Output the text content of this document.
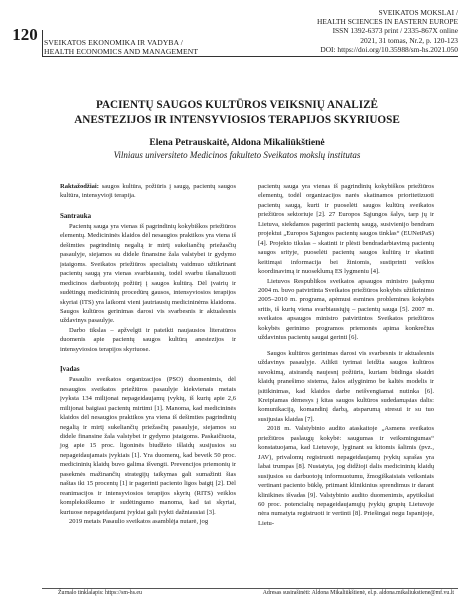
120 SVEIKATOS EKONOMIKA IR VADYBA /
HEALTH ECONOMICS AND MANAGEMENT
SVEIKATOS MOKSLAI /
HEALTH SCIENCES IN EASTERN EUROPE
ISSN 1392-6373 print / 2335-867X online
2021, 31 tomas, Nr.2, p. 120-123
DOI: https://doi.org/10.35988/sm-hs.2021.050
PACIENTŲ SAUGOS KULTŪROS VEIKSNIŲ ANALIZĖ
ANESTEZIJOS IR INTENSYVIOSIOS TERAPIJOS SKYRIUOSE
Elena Petrauskaitė, Aldona Mikaliūkštienė
Vilniaus universiteto Medicinos fakulteto Sveikatos mokslų institutas

Raktažodžiai: saugos kultūra, požiūris į saugą, pacientų saugos kultūra, intensyvioji terapija.

Santrauka

Pacientų sauga yra vienas iš pagrindinių kokybiškos priežiūros elementų. Medicininės klaidos dėl nesaugios praktikos yra viena iš dešimties pagrindinių negalią ir mirtį sukeliančių priežasčių pasaulyje, siejamos su didele finansine žala valstybei ir gydymo įstaigoms. Sveikatos priežiūros specialistų vaidmuo užtikrinant pacientų saugą yra vienas svarbiausių, todėl svarbu išanalizuoti medicinos darbuotojų požiūrį į saugos kultūrą. Dėl įvairių ir sudėtingų medicininių procedūrų gausos, intensyviosios terapijos skyriai (ITS) yra laikomi vieni jautriausių medicininėms klaidoms. Saugos kultūros gerinimas darosi vis svarbesnis ir aktualesnis uždavinys pasaulyje.

Darbo tikslas – apžvelgti ir pateikti naujausios literatūros duomenis apie pacientų saugos kultūrą anestezijos ir intensyviosios terapijos skyriuose.

Įvadas

Pasaulio sveikatos organizacijos (PSO) duomenimis, dėl nesaugios sveikatos priežiūros pasaulyje kiekvienais metais įvyksta 134 milijonai nepageidaujamų įvykių, iš kurių apie 2,6 milijonai baigiasi pacientų mirtimi [1]. Manoma, kad medicininės klaidos dėl nesaugios praktikos yra viena iš dešimties pagrindinių negalią ir mirtį sukeliančių priežasčių pasaulyje, siejamos su didele finansine žala valstybei ir gydymo įstaigoms. Paskaičiuota, jog apie 15 proc. ligoninės biudžeto išlaidų susijusios su nepageidaujamais įvykiais [1]. Yra duomenų, kad beveik 50 proc. medicininių klaidų buvo galima išvengti. Prevencijos priemonių ir pasekmės mažinančių strategijų taikymas gali sumažinti šias naštas iki 15 procentų [1] ir pagerinti paciento ligos baigtį [2]. Dėl reanimacijos ir intensyviosios terapijos skyrių (RITS) veiklos kompleksiškumo ir sudėtingumo manoma, kad tai skyriai, kuriuose nepageidaujami įvykiai gali įvykti dažniausiai [3].

2019 metais Pasaulio sveikatos asamblėja nutarė, jog

pacientų sauga yra vienas iš pagrindinių kokybiškos priežiūros elementų, todėl organizacijos narės skatinamos prioritetizuoti pacientų saugą, kurti ir puoselėti saugos kultūrą sveikatos priežiūros sektoriuje [2]. 27 Europos Sąjungos šalys, tarp jų ir Lietuva, siekdamos pagerinti pacientų saugą, susivienijo bendram projektui „Europos Sąjungos pacientų saugos tinklas“ (EUNetPaS) [4]. Projekto tikslas – skatinti ir plėsti bendradarbiavimą pacientų saugos srityje, puoselėti pacientų saugos kultūrą ir skatinti keitimąsi informacija bei žiniomis, sustiprinti veiklos koordinavimą ir nuoseklumą ES lygmeniu [4].

Lietuvos Respublikos sveikatos apsaugos ministro įsakymu 2004 m. buvo patvirtinta Sveikatos priežiūros kokybės užtikrinimo 2005–2010 m. programa, apėmusi esmines problemines kokybės sritis, iš kurių viena svarbiausiųjų – pacientų sauga [5]. 2007 m. sveikatos apsaugos ministro patvirtintos Sveikatos priežiūros kokybės gerinimo programos priemonės apima konkrečius uždavinius pacientų saugai gerinti [6].

Saugos kultūros gerinimas darosi vis svarbesnis ir aktualesnis uždavinys pasaulyje. Atlikti tyrimai leidžia saugos kultūros suvokimą, atsirandą naujesnį požiūris, kuriam būdinga skaidri klaidų pranešimo sistema, žalos atlyginimo be kaltės modelis ir įsitikinimas, kad klaidos darbe neišvengiamai nutinka [6]. Kreipiamas dėmesys į kitas saugos kultūros sudedamąsias dalis: komunikaciją, komandinį darbą, atsparumą stresui ir su tuo susijusias klaidas [7].

2018 m. Valstybinio audito ataskaitoje „Asmens sveikatos priežiūros paslaugų kokybė: saugumas ir veiksmingumas“ konstatuojama, kad Lietuvoje, lyginant su kitomis šalimis (pvz., JAV), privalomų registruoti nepageidaujamų įvykių sąrašas yra labai trumpas [8]. Nustatyta, jog didžioji dalis medicininių klaidų susijusios su darbuotojų informuotumu, žmogiškaisiais veiksniais vertinant paciento būklę, priimant klinikinius sprendimus ir darant klinikines išvadas [9]. Valstybinio audito duomenimis, apytiksliai 60 proc. potencialių nepageidaujamųjų įvykių grupių Lietuvoje nėra numatyta registruoti ir vertinti [8]. Priešingai negu Ispanijoje, Lietu-

Žurnalo tinklalapis: https://sm-hs.eu	Adresas susirašinėti: Aldona Mikaliūkštienė, el.p. aldona.mikaliukstiene@mf.vu.lt
